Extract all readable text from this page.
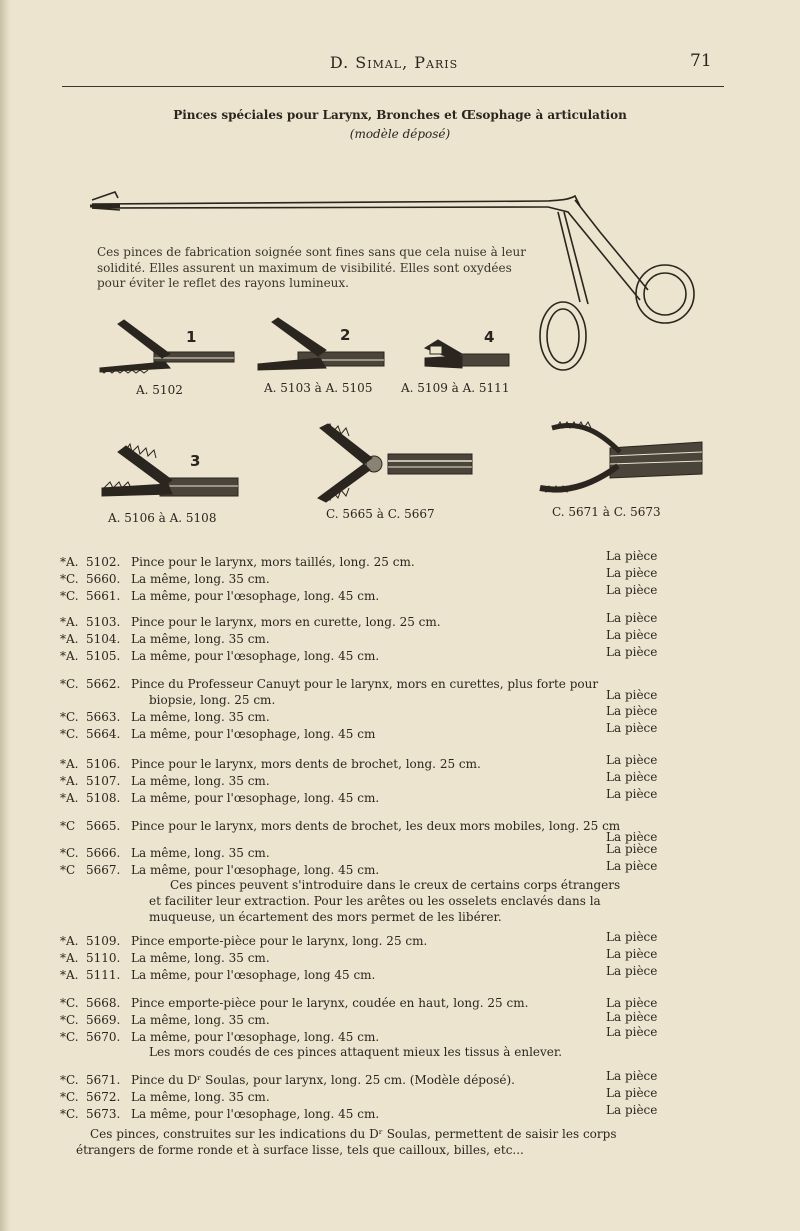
D. Simal, Paris	71
Pinces spéciales pour Larynx, Bronches et Œsophage à articulation
(modèle déposé)
Ces pinces de fabrication soignée sont fines sans que cela nuise à leur solidité. Elles assurent un maximum de visibilité. Elles sont oxydées pour éviter le reflet des rayons lumineux.
1	2	4
3
A. 5102	A. 5103 à A. 5105 A. 5109 à A. 5111
A. 5106 à A. 5108	C. 5665 à C. 5667	C. 5671 à C. 5673
*A. 5102. Pince pour le larynx, mors taillés, long. 25 cm.	La pièce
*C. 5660. La même, long. 35 cm.	La pièce
*C. 5661. La même, pour l'œsophage, long. 45 cm.	La pièce
*A. 5103. Pince pour le larynx, mors en curette, long. 25 cm.	La pièce
*A. 5104. La même, long. 35 cm.	La pièce
*A. 5105. La même, pour l'œsophage, long. 45 cm.	La pièce
*C. 5662. Pince du Professeur Canuyt pour le larynx, mors en curettes, plus forte pour
biopsie, long. 25 cm.	La pièce
*C. 5663. La même, long. 35 cm.	La pièce
*C. 5664. La même, pour l'œsophage, long. 45 cm	La pièce
*A. 5106. Pince pour le larynx, mors dents de brochet, long. 25 cm.	La pièce
*A. 5107. La même, long. 35 cm.	La pièce
*A. 5108. La même, pour l'œsophage, long. 45 cm.	La pièce
*C 5665. Pince pour le larynx, mors dents de brochet, les deux mors mobiles, long. 25 cm
La pièce
*C. 5666. La même, long. 35 cm.	La pièce
*C 5667. La même, pour l'œsophage, long. 45 cm.	La pièce
Ces pinces peuvent s'introduire dans le creux de certains corps étrangers
et faciliter leur extraction. Pour les arêtes ou les osselets enclavés dans la
muqueuse, un écartement des mors permet de les libérer.
*A. 5109. Pince emporte-pièce pour le larynx, long. 25 cm.	La pièce
*A. 5110. La même, long. 35 cm.	La pièce
*A. 5111. La même, pour l'œsophage, long 45 cm.	La pièce
*C. 5668. Pince emporte-pièce pour le larynx, coudée en haut, long. 25 cm.	La pièce
*C. 5669. La même, long. 35 cm.	La pièce
*C. 5670. La même, pour l'œsophage, long. 45 cm.	La pièce
Les mors coudés de ces pinces attaquent mieux les tissus à enlever.
*C. 5671. Pince du Dʳ Soulas, pour larynx, long. 25 cm. (Modèle déposé).	La pièce
*C. 5672. La même, long. 35 cm.	La pièce
*C. 5673. La même, pour l'œsophage, long. 45 cm.	La pièce
Ces pinces, construites sur les indications du Dʳ Soulas, permettent de saisir les corps
étrangers de forme ronde et à surface lisse, tels que cailloux, billes, etc...
